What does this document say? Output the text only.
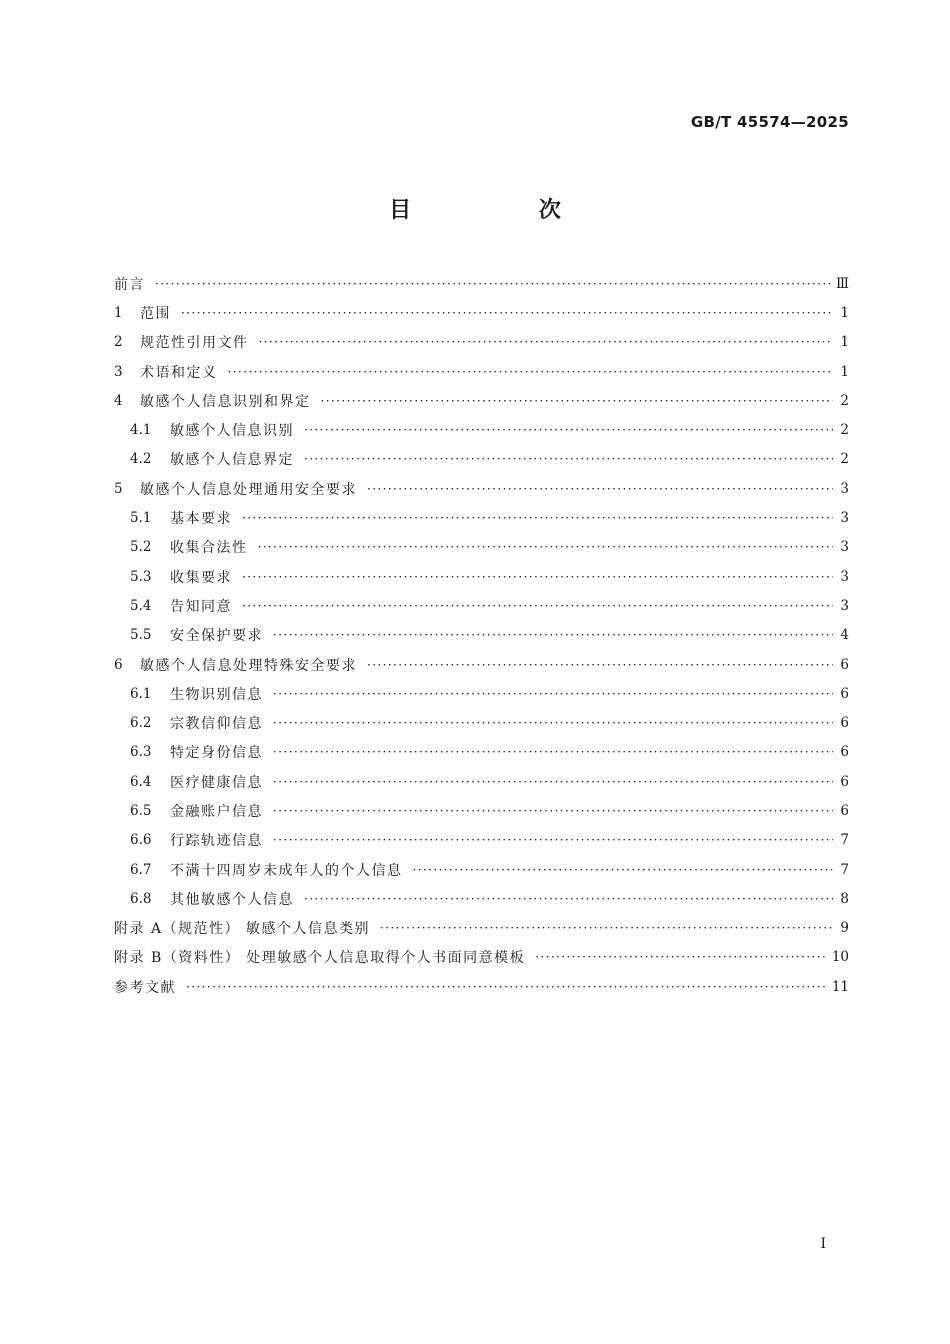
GB/T 45574—2025
目 次
前言 ·····	Ⅲ
1	范围 ·····	1
2	规范性引用文件 ·····	1
3	术语和定义 ·····	1
4	敏感个人信息识别和界定 ·····	2
4.1	敏感个人信息识别 ·····	2
4.2	敏感个人信息界定 ·····	2
5	敏感个人信息处理通用安全要求 ·····	3
5.1	基本要求 ·····	3
5.2	收集合法性 ·····	3
5.3	收集要求 ·····	3
5.4	告知同意 ·····	3
5.5	安全保护要求 ·····	4
6	敏感个人信息处理特殊安全要求 ·····	6
6.1	生物识别信息 ·····	6
6.2	宗教信仰信息 ·····	6
6.3	特定身份信息 ·····	6
6.4	医疗健康信息 ·····	6
6.5	金融账户信息 ·····	6
6.6	行踪轨迹信息 ·····	7
6.7	不满十四周岁未成年人的个人信息 ·····	7
6.8	其他敏感个人信息 ·····	8
附录 A（规范性） 敏感个人信息类别 ·····	9
附录 B（资料性） 处理敏感个人信息取得个人书面同意模板 ·····	10
参考文献 ·····	11
I
